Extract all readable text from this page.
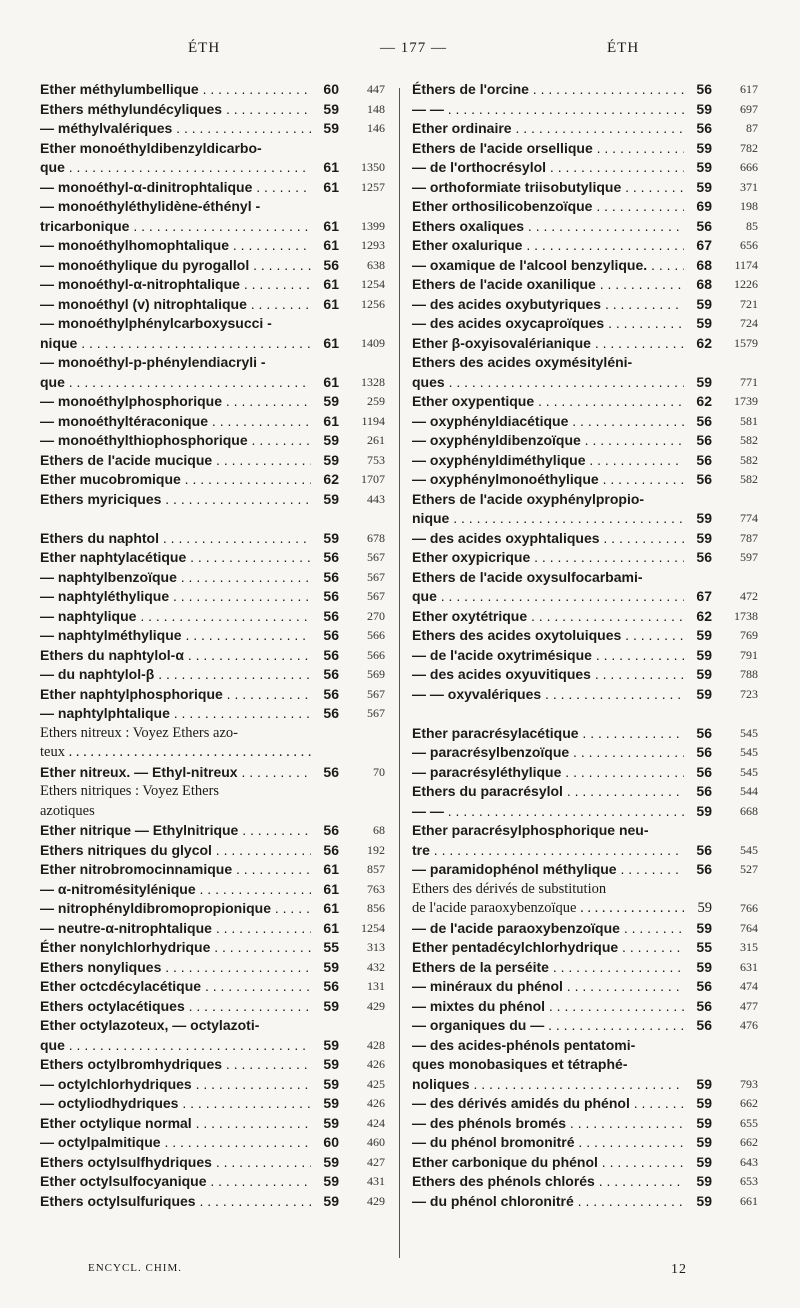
ÉTH	— 177 —	ÉTH
Ether méthylumbellique . . .	60	447
Ethers méthylundécyliques . . .	59	148
— méthylvalériques . . .	59	146
Ether monoéthyldibenzyldicarbo-
que . . .	61	1350
— monoéthyl-α-dinitrophtalique . . .	61	1257
— monoéthyléthylidène-éthényl -
tricarbonique . . .	61	1399
— monoéthylhomophtalique . . .	61	1293
— monoéthylique du pyrogallol . . .	56	638
— monoéthyl-α-nitrophtalique . . .	61	1254
— monoéthyl (v) nitrophtalique . . .	61	1256
— monoéthylphénylcarboxysucci -
nique . . .	61	1409
— monoéthyl-p-phénylendiacryli -
que . . .	61	1328
— monoéthylphosphorique . . .	59	259
— monoéthyltéraconique . . .	61	1194
— monoéthylthiophosphorique . . .	59	261
Ethers de l'acide mucique . . .	59	753
Ether mucobromique . . .	62	1707
Ethers myriciques . . .	59	443
Ethers du naphtol . . .	59	678
Ether naphtylacétique . . .	56	567
— naphtylbenzoïque . . .	56	567
— naphtyléthylique . . .	56	567
— naphtylique . . .	56	270
— naphtylméthylique . . .	56	566
Ethers du naphtylol-α . . .	56	566
— du naphtylol-β . . .	56	569
Ether naphtylphosphorique . . .	56	567
— naphtylphtalique . . .	56	567
Ethers nitreux : Voyez Ethers azo-
teux . . .
Ether nitreux. — Ethyl-nitreux . . .	56	70
Ethers nitriques : Voyez Ethers
azotiques
Ether nitrique — Ethylnitrique . . .	56	68
Ethers nitriques du glycol . . .	56	192
Ether nitrobromocinnamique . . .	61	857
— α-nitromésitylénique . . .	61	763
— nitrophényldibromopropionique . . .	61	856
— neutre-α-nitrophtalique . . .	61	1254
Éther nonylchlorhydrique . . .	55	313
Ethers nonyliques . . .	59	432
Ether octcdécylacétique . . .	56	131
Ethers octylacétiques . . .	59	429
Ether octylazoteux, — octylazoti-
que . . .	59	428
Ethers octylbromhydriques . . .	59	426
— octylchlorhydriques . . .	59	425
— octyliodhydriques . . .	59	426
Ether octylique normal . . .	59	424
— octylpalmitique . . .	60	460
Ethers octylsulfhydriques . . .	59	427
Ether octylsulfocyanique . . .	59	431
Ethers octylsulfuriques . . .	59	429
Éthers de l'orcine . . .	56	617
— — . . .	59	697
Ether ordinaire . . .	56	87
Ethers de l'acide orsellique . . .	59	782
— de l'orthocrésylol . . .	59	666
— orthoformiate triisobutylique . . .	59	371
Ether orthosilicobenzoïque . . .	69	198
Ethers oxaliques . . .	56	85
Ether oxalurique . . .	67	656
— oxamique de l'alcool benzylique. . . .	68	1174
Ethers de l'acide oxanilique . . .	68	1226
— des acides oxybutyriques . . .	59	721
— des acides oxycaproïques . . .	59	724
Ether β-oxyisovalérianique . . .	62	1579
Ethers des acides oxymésityléni-
ques . . .	59	771
Ether oxypentique . . .	62	1739
— oxyphényldiacétique . . .	56	581
— oxyphényldibenzoïque . . .	56	582
— oxyphényldiméthylique . . .	56	582
— oxyphénylmonoéthylique . . .	56	582
Ethers de l'acide oxyphénylpropio-
nique . . .	59	774
— des acides oxyphtaliques . . .	59	787
Ether oxypicrique . . .	56	597
Ethers de l'acide oxysulfocarbami-
que . . .	67	472
Ether oxytétrique . . .	62	1738
Ethers des acides oxytoluiques . . .	59	769
— de l'acide oxytrimésique . . .	59	791
— des acides oxyuvitiques . . .	59	788
— — oxyvalériques . . .	59	723
Ether paracrésylacétique . . .	56	545
— paracrésylbenzoïque . . .	56	545
— paracrésyléthylique . . .	56	545
Ethers du paracrésylol . . .	56	544
— — . . .	59	668
Ether paracrésylphosphorique neu-
tre . . .	56	545
— paramidophénol méthylique . . .	56	527
Ethers des dérivés de substitution
de l'acide paraoxybenzoïque . . .	59	766
— de l'acide paraoxybenzoïque . . .	59	764
Ether pentadécylchlorhydrique . . .	55	315
Ethers de la perséite . . .	59	631
— minéraux du phénol . . .	56	474
— mixtes du phénol . . .	56	477
— organiques du — . . .	56	476
— des acides-phénols pentatomi-
ques monobasiques et tétraphé-
noliques . . .	59	793
— des dérivés amidés du phénol . . .	59	662
— des phénols bromés . . .	59	655
— du phénol bromonitré . . .	59	662
Ether carbonique du phénol . . .	59	643
Ethers des phénols chlorés . . .	59	653
— du phénol chloronitré . . .	59	661
ENCYCL. CHIM.	12
